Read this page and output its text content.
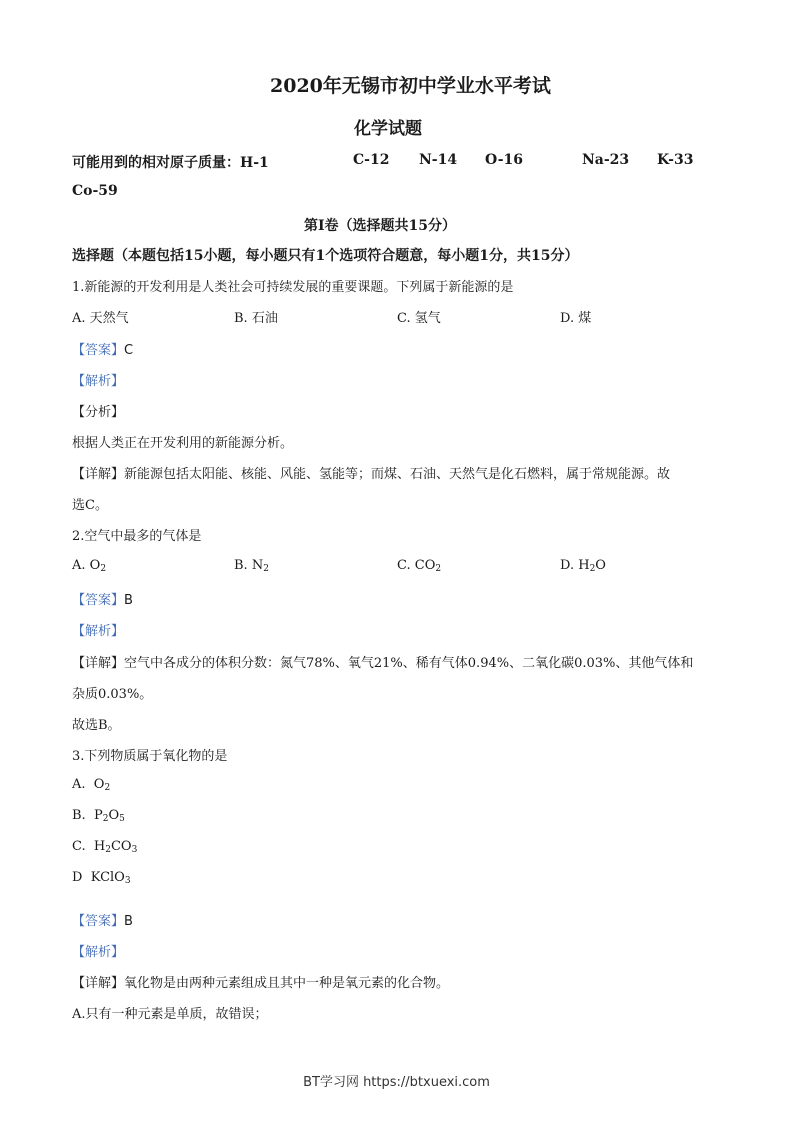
2020年无锡市初中学业水平考试
化学试题
可能用到的相对原子质量：H-1	C-12 N-14 O-16	Na-23 K-33
Co-59
第Ⅰ卷（选择题共15分）
选择题（本题包括15小题，每小题只有1个选项符合题意，每小题1分，共15分）
1.新能源的开发利用是人类社会可持续发展的重要课题。下列属于新能源的是
A. 天然气	B. 石油	C. 氢气	D. 煤
【答案】C
【解析】
【分析】
根据人类正在开发利用的新能源分析。
【详解】新能源包括太阳能、核能、风能、氢能等；而煤、石油、天然气是化石燃料，属于常规能源。故
选C。
2.空气中最多的气体是
A. $O_2$	B. $N_2$	C. $CO_2$	D. $H_2O$
【答案】B
【解析】
【详解】空气中各成分的体积分数：氮气78%、氧气21%、稀有气体0.94%、二氧化碳0.03%、其他气体和
杂质0.03%。
故选B。
3.下列物质属于氧化物的是
A. $O_2$
B. $P_2O_5$
C. $H_2CO_3$
D KClO$_3$
【答案】B
【解析】
【详解】氧化物是由两种元素组成且其中一种是氧元素的化合物。
A.只有一种元素是单质，故错误；
BT学习网 https://btxuexi.com
